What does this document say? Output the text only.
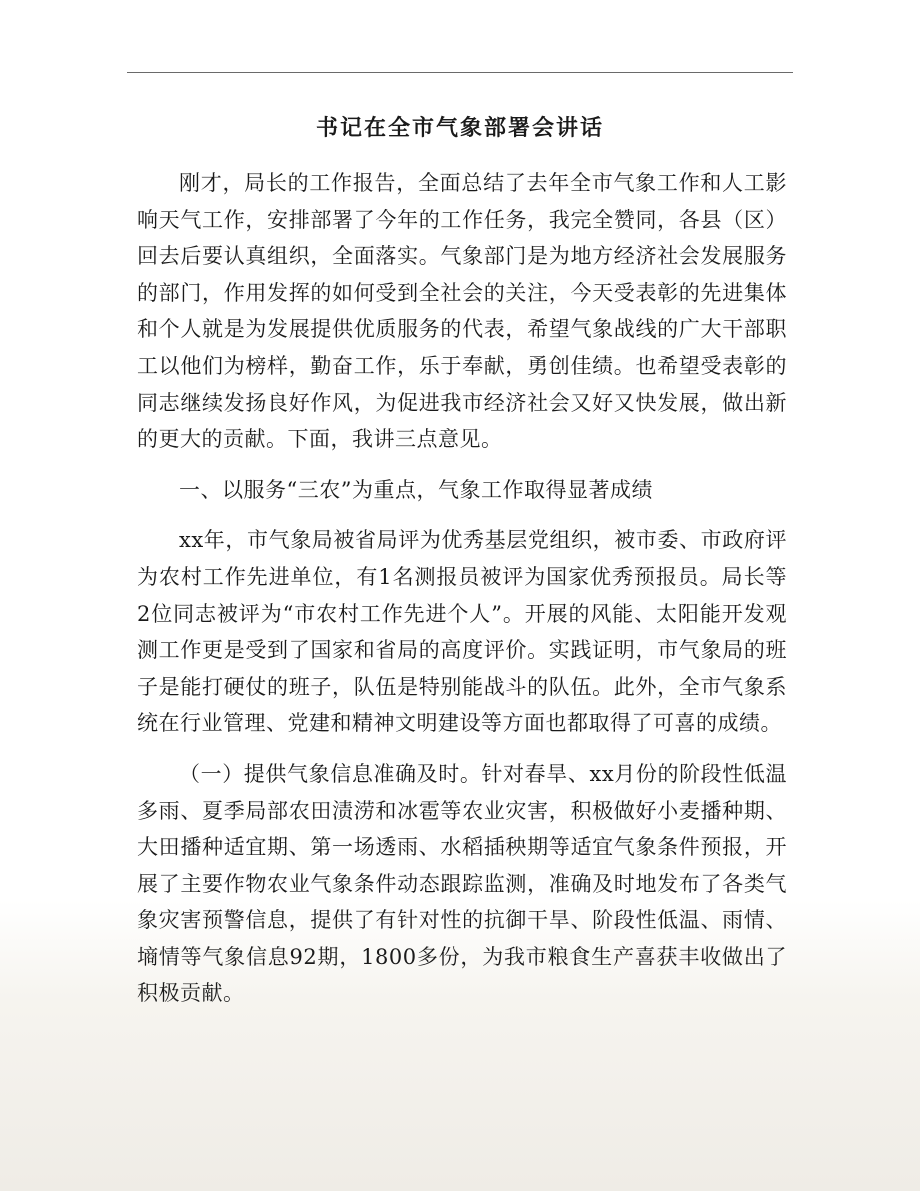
书记在全市气象部署会讲话

刚才，局长的工作报告，全面总结了去年全市气象工作和人工影响天气工作，安排部署了今年的工作任务，我完全赞同，各县（区）回去后要认真组织，全面落实。气象部门是为地方经济社会发展服务的部门，作用发挥的如何受到全社会的关注，今天受表彰的先进集体和个人就是为发展提供优质服务的代表，希望气象战线的广大干部职工以他们为榜样，勤奋工作，乐于奉献，勇创佳绩。也希望受表彰的同志继续发扬良好作风，为促进我市经济社会又好又快发展，做出新的更大的贡献。下面，我讲三点意见。

一、以服务“三农”为重点，气象工作取得显著成绩

xx年，市气象局被省局评为优秀基层党组织，被市委、市政府评为农村工作先进单位，有1名测报员被评为国家优秀预报员。局长等2位同志被评为“市农村工作先进个人”。开展的风能、太阳能开发观测工作更是受到了国家和省局的高度评价。实践证明，市气象局的班子是能打硬仗的班子，队伍是特别能战斗的队伍。此外，全市气象系统在行业管理、党建和精神文明建设等方面也都取得了可喜的成绩。

（一）提供气象信息准确及时。针对春旱、xx月份的阶段性低温多雨、夏季局部农田渍涝和冰雹等农业灾害，积极做好小麦播种期、大田播种适宜期、第一场透雨、水稻插秧期等适宜气象条件预报，开展了主要作物农业气象条件动态跟踪监测，准确及时地发布了各类气象灾害预警信息，提供了有针对性的抗御干旱、阶段性低温、雨情、墒情等气象信息92期，1800多份，为我市粮食生产喜获丰收做出了积极贡献。
